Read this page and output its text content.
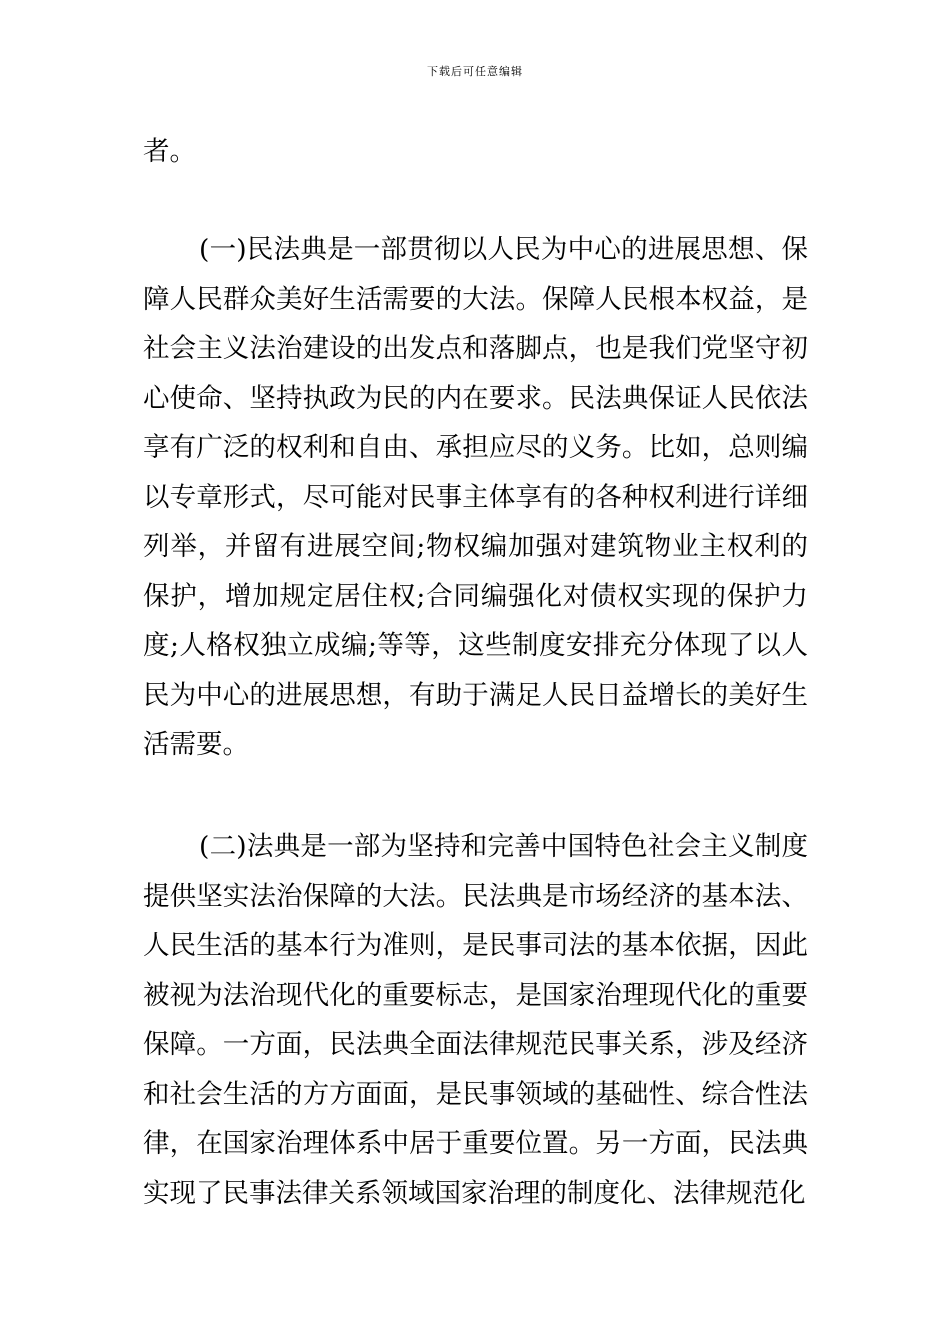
下载后可任意编辑

者。

(一)民法典是一部贯彻以人民为中心的进展思想、保障人民群众美好生活需要的大法。保障人民根本权益，是社会主义法治建设的出发点和落脚点，也是我们党坚守初心使命、坚持执政为民的内在要求。民法典保证人民依法享有广泛的权利和自由、承担应尽的义务。比如，总则编以专章形式，尽可能对民事主体享有的各种权利进行详细列举，并留有进展空间;物权编加强对建筑物业主权利的保护，增加规定居住权;合同编强化对债权实现的保护力度;人格权独立成编;等等，这些制度安排充分体现了以人民为中心的进展思想，有助于满足人民日益增长的美好生活需要。

(二)法典是一部为坚持和完善中国特色社会主义制度提供坚实法治保障的大法。民法典是市场经济的基本法、人民生活的基本行为准则，是民事司法的基本依据，因此被视为法治现代化的重要标志，是国家治理现代化的重要保障。一方面，民法典全面法律规范民事关系，涉及经济和社会生活的方方面面，是民事领域的基础性、综合性法律，在国家治理体系中居于重要位置。另一方面，民法典实现了民事法律关系领域国家治理的制度化、法律规范化
